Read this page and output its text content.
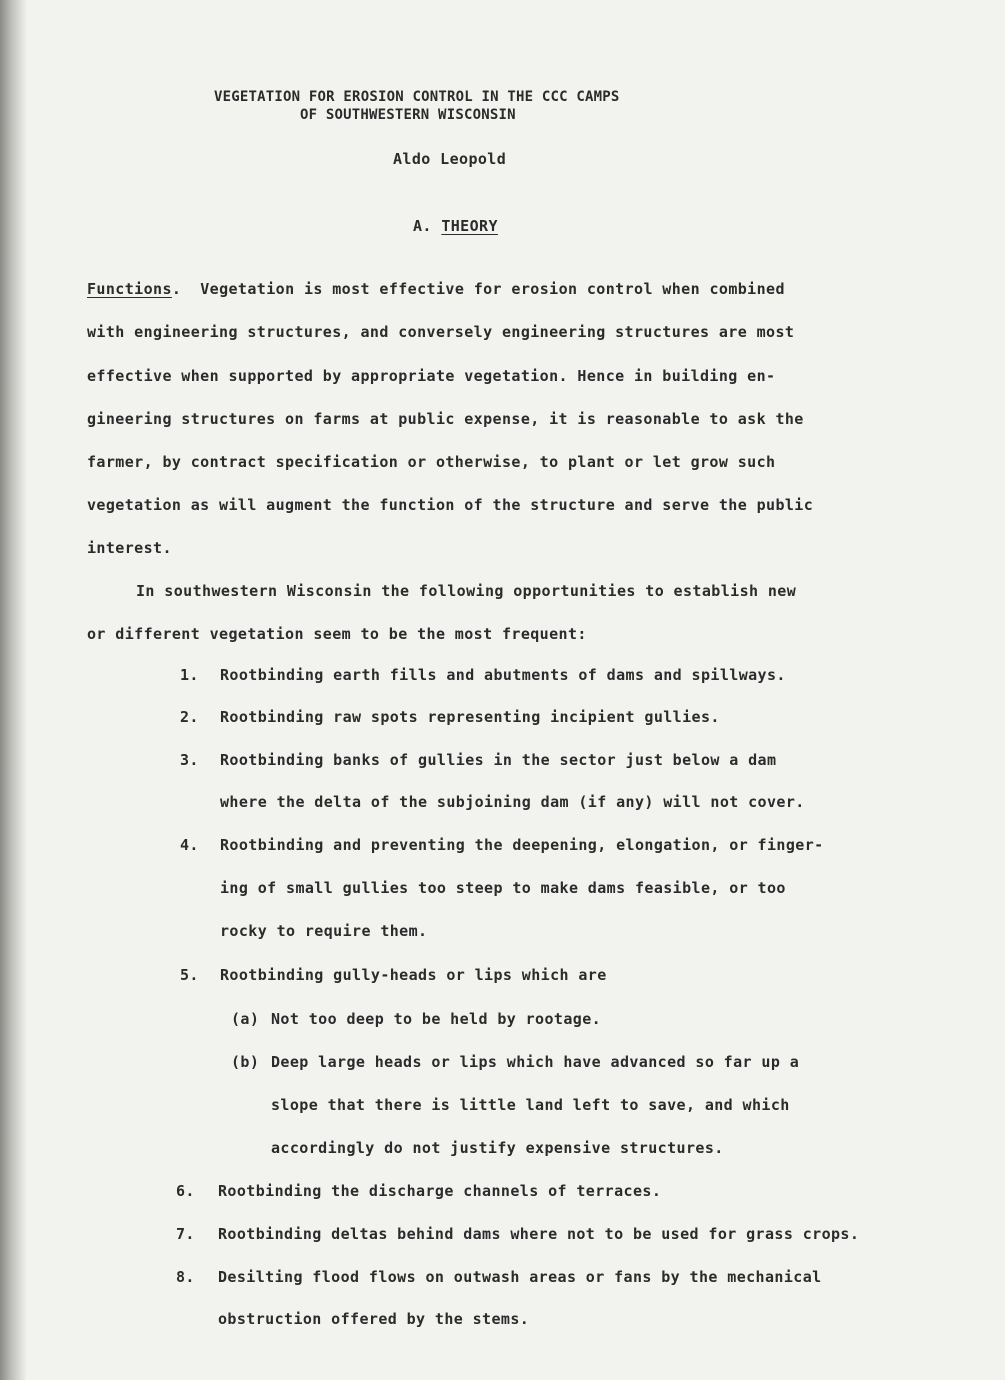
VEGETATION FOR EROSION CONTROL IN THE CCC CAMPS
OF SOUTHWESTERN WISCONSIN
Aldo Leopold
A. THEORY
Functions. Vegetation is most effective for erosion control when combined
with engineering structures, and conversely engineering structures are most
effective when supported by appropriate vegetation. Hence in building en-
gineering structures on farms at public expense, it is reasonable to ask the
farmer, by contract specification or otherwise, to plant or let grow such
vegetation as will augment the function of the structure and serve the public
interest.
In southwestern Wisconsin the following opportunities to establish new
or different vegetation seem to be the most frequent:
1. Rootbinding earth fills and abutments of dams and spillways.
2. Rootbinding raw spots representing incipient gullies.
3. Rootbinding banks of gullies in the sector just below a dam
where the delta of the subjoining dam (if any) will not cover.
4. Rootbinding and preventing the deepening, elongation, or finger-
ing of small gullies too steep to make dams feasible, or too
rocky to require them.
5. Rootbinding gully-heads or lips which are
(a) Not too deep to be held by rootage.
(b) Deep large heads or lips which have advanced so far up a
slope that there is little land left to save, and which
accordingly do not justify expensive structures.
6. Rootbinding the discharge channels of terraces.
7. Rootbinding deltas behind dams where not to be used for grass crops.
8. Desilting flood flows on outwash areas or fans by the mechanical
obstruction offered by the stems.
